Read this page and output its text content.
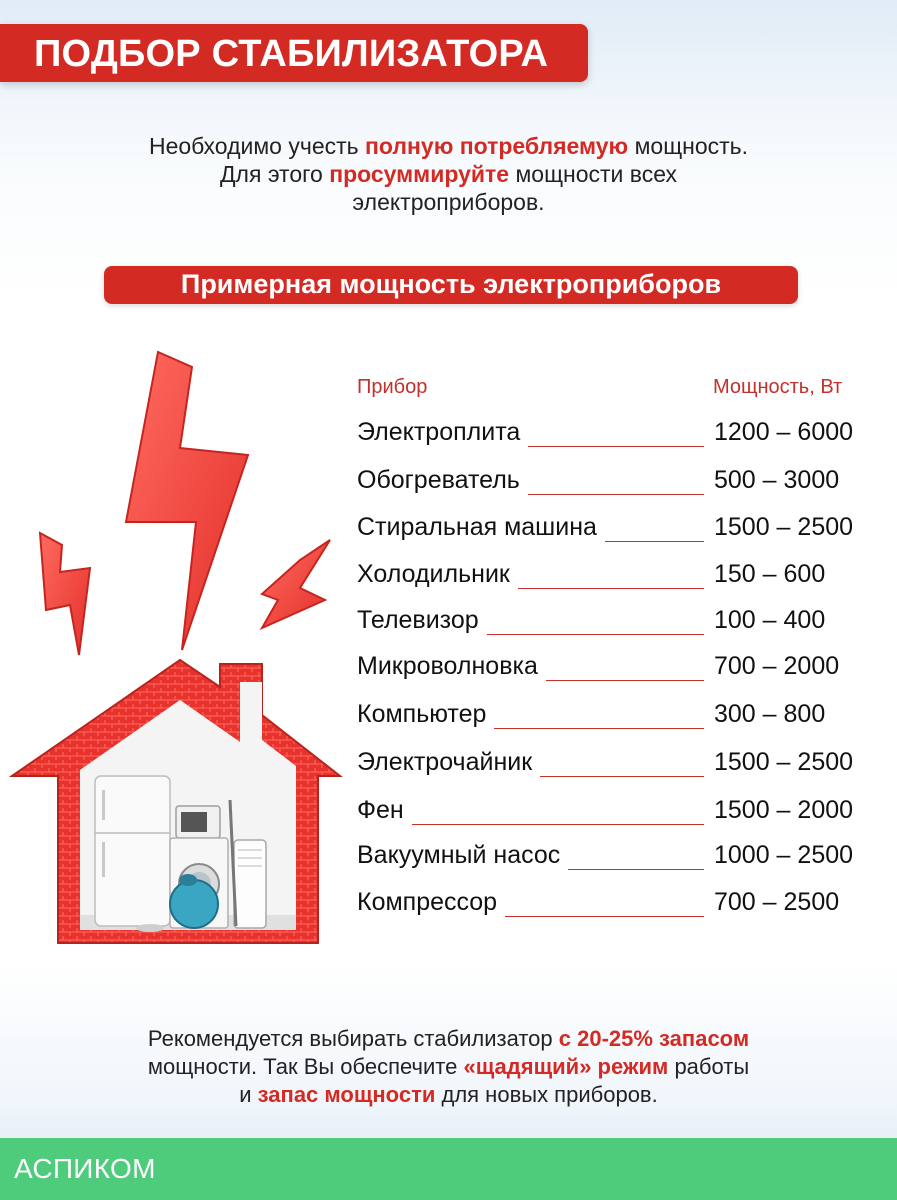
ПОДБОР СТАБИЛИЗАТОРА
Необходимо учесть полную потребляемую мощность.
Для этого просуммируйте мощности всех
электроприборов.
Примерная мощность электроприборов
Прибор	Мощность, Вт
Электроплита	1200 – 6000
Обогреватель	500 – 3000
Стиральная машина	1500 – 2500
Холодильник	150 – 600
Телевизор	100 – 400
Микроволновка	700 – 2000
Компьютер	300 – 800
Электрочайник	1500 – 2500
Фен	1500 – 2000
Вакуумный насос	1000 – 2500
Компрессор	700 – 2500
Рекомендуется выбирать стабилизатор с 20-25% запасом
мощности. Так Вы обеспечите «щадящий» режим работы
и запас мощности для новых приборов.
АСПИКОМ
